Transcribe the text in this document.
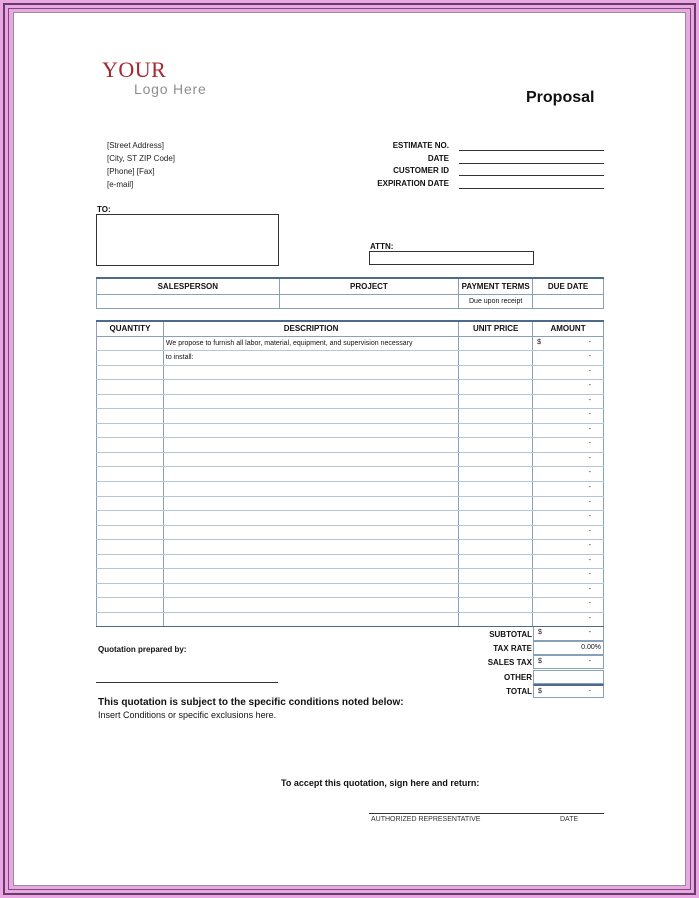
YOUR
Logo Here	Proposal
[Street Address]
[City, ST ZIP Code]
[Phone] [Fax]
[e-mail]
ESTIMATE NO.
DATE
CUSTOMER ID
EXPIRATION DATE
TO:
ATTN:
SALESPERSON	PROJECT	PAYMENT TERMS	DUE DATE
		Due upon receipt	
QUANTITY	DESCRIPTION	UNIT PRICE	AMOUNT
	We propose to furnish all labor, material, equipment, and supervision necessary		$ -

	to install:		-

			-

			-

			-

			-

			-

			-

			-

			-

			-

			-

			-

			-

			-

			-

			-

			-

			-

			-
SUBTOTAL $	-
TAX RATE	0.00%
SALES TAX $	-
OTHER
TOTAL $	-
Quotation prepared by:
This quotation is subject to the specific conditions noted below:
Insert Conditions or specific exclusions here.
To accept this quotation, sign here and return:
AUTHORIZED REPRESENTATIVE	DATE
